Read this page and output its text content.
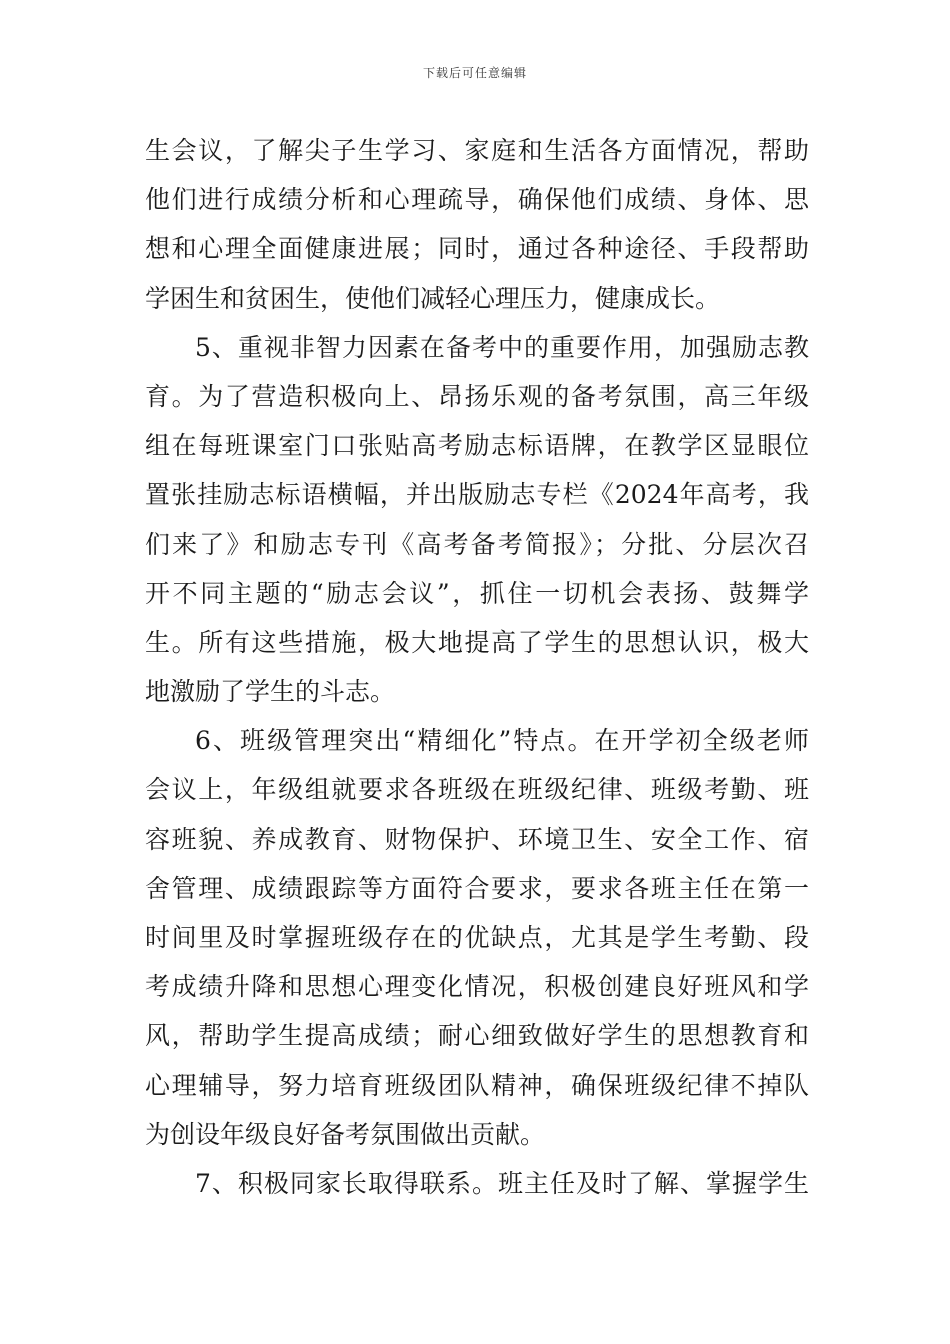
下载后可任意编辑
生会议，了解尖子生学习、家庭和生活各方面情况，帮助
他们进行成绩分析和心理疏导，确保他们成绩、身体、思
想和心理全面健康进展；同时，通过各种途径、手段帮助
学困生和贫困生，使他们减轻心理压力，健康成长。
5、重视非智力因素在备考中的重要作用，加强励志教
育。为了营造积极向上、昂扬乐观的备考氛围，高三年级
组在每班课室门口张贴高考励志标语牌，在教学区显眼位
置张挂励志标语横幅，并出版励志专栏《2024年高考，我
们来了》和励志专刊《高考备考简报》；分批、分层次召
开不同主题的“励志会议”，抓住一切机会表扬、鼓舞学
生。所有这些措施，极大地提高了学生的思想认识，极大
地激励了学生的斗志。
6、班级管理突出“精细化”特点。在开学初全级老师
会议上，年级组就要求各班级在班级纪律、班级考勤、班
容班貌、养成教育、财物保护、环境卫生、安全工作、宿
舍管理、成绩跟踪等方面符合要求，要求各班主任在第一
时间里及时掌握班级存在的优缺点，尤其是学生考勤、段
考成绩升降和思想心理变化情况，积极创建良好班风和学
风，帮助学生提高成绩；耐心细致做好学生的思想教育和
心理辅导，努力培育班级团队精神，确保班级纪律不掉队
为创设年级良好备考氛围做出贡献。
7、积极同家长取得联系。班主任及时了解、掌握学生
